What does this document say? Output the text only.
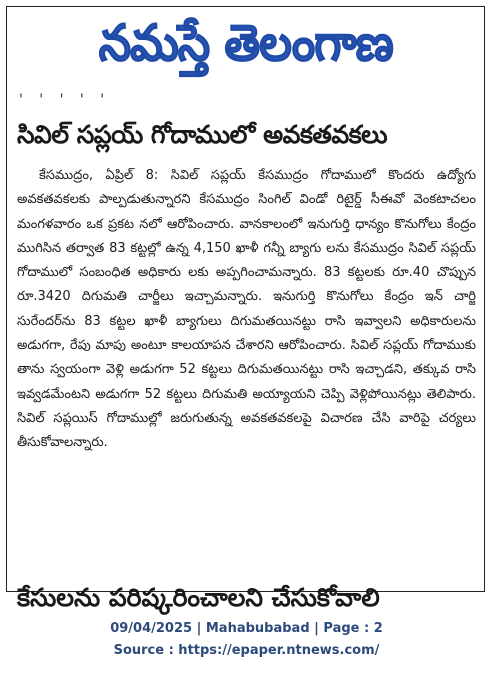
నమస్తే తెలంగాణ
' ' ' ' '
సివిల్ సప్లయ్ గోదాములో అవకతవకలు

కేసముద్రం, ఏప్రిల్ 8: సివిల్ సప్లయ్ కేసముద్రం గోదాములో కొందరు ఉద్యోగు అవకతవకలకు పాల్పడుతున్నారని కేసముద్రం సింగిల్ విండో రిటైర్డ్ సీఈవో వెంకటాచలం మంగళవారం ఒక ప్రకట నలో ఆరోపించారు. వానకాలంలో ఇనుగుర్తి ధాన్యం కొనుగోలు కేంద్రం ముగిసిన తర్వాత 83 కట్టల్లో ఉన్న 4,150 ఖాళీ గన్నీ బ్యాగు లను కేసముద్రం సివిల్ సప్లయ్ గోదాములో సంబంధిత అధికారు లకు అప్పగించామన్నారు. 83 కట్టలకు రూ.40 చొప్పున రూ.3420 దిగుమతి చార్జీలు ఇచ్చామన్నారు. ఇనుగుర్తి కొనుగోలు కేంద్రం ఇన్ చార్జి సురేందర్‌ను 83 కట్టల ఖాళీ బ్యాగులు దిగుమతయినట్టు రాసి ఇవ్వాలని అధికారులను అడుగగా, రేపు మాపు అంటూ కాలయాపన చేశారని ఆరోపించారు. సివిల్ సప్లయ్ గోదాముకు తాను స్వయంగా వెళ్లి అడుగగా 52 కట్టలు దిగుమతయినట్టు రాసి ఇచ్చాడని, తక్కువ రాసి ఇవ్వడమేంటని అడుగగా 52 కట్టలు దిగుమతి అయ్యాయని చెప్పి వెళ్లిపోయినట్లు తెలిపారు. సివిల్ సప్లయిస్ గోదాముల్లో జరుగుతున్న అవకతవకలపై విచారణ చేసి వారిపై చర్యలు తీసుకోవాలన్నారు.

కేసులను పరిష్కరించాలని చేసుకోవాలి
09/04/2025 | Mahabubabad | Page : 2
Source : https://epaper.ntnews.com/
